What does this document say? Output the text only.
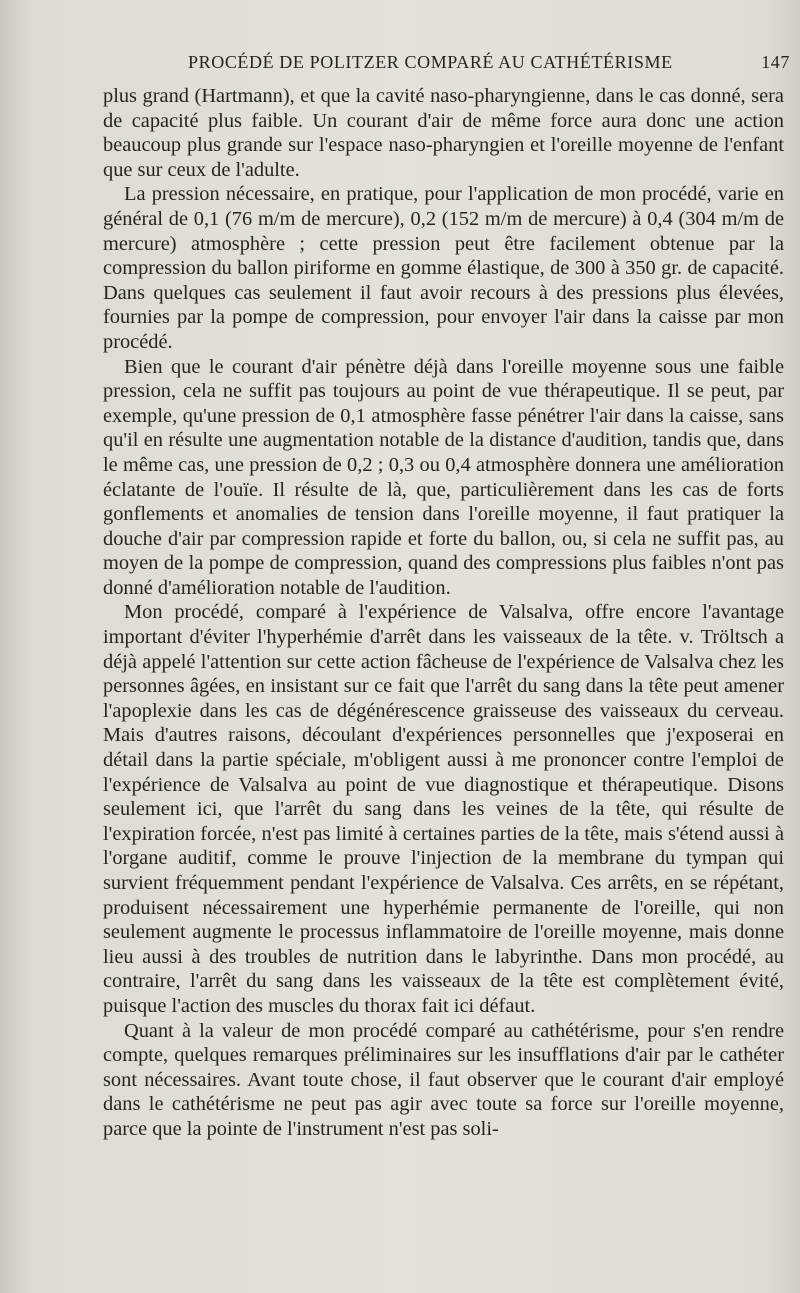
PROCÉDÉ DE POLITZER COMPARÉ AU CATHÉTÉRISME	147

plus grand (Hartmann), et que la cavité naso-pharyngienne, dans le cas donné, sera de capacité plus faible. Un courant d'air de même force aura donc une action beaucoup plus grande sur l'espace naso-pharyngien et l'oreille moyenne de l'enfant que sur ceux de l'adulte.

La pression nécessaire, en pratique, pour l'application de mon procédé, varie en général de 0,1 (76 m/m de mercure), 0,2 (152 m/m de mercure) à 0,4 (304 m/m de mercure) atmosphère ; cette pression peut être facilement obtenue par la compression du ballon piriforme en gomme élastique, de 300 à 350 gr. de capacité. Dans quelques cas seulement il faut avoir recours à des pressions plus élevées, fournies par la pompe de compression, pour envoyer l'air dans la caisse par mon procédé.

Bien que le courant d'air pénètre déjà dans l'oreille moyenne sous une faible pression, cela ne suffit pas toujours au point de vue thérapeutique. Il se peut, par exemple, qu'une pression de 0,1 atmosphère fasse pénétrer l'air dans la caisse, sans qu'il en résulte une augmentation notable de la distance d'audition, tandis que, dans le même cas, une pression de 0,2 ; 0,3 ou 0,4 atmosphère donnera une amélioration éclatante de l'ouïe. Il résulte de là, que, particulièrement dans les cas de forts gonflements et anomalies de tension dans l'oreille moyenne, il faut pratiquer la douche d'air par compression rapide et forte du ballon, ou, si cela ne suffit pas, au moyen de la pompe de compression, quand des compressions plus faibles n'ont pas donné d'amélioration notable de l'audition.

Mon procédé, comparé à l'expérience de Valsalva, offre encore l'avantage important d'éviter l'hyperhémie d'arrêt dans les vaisseaux de la tête. v. Tröltsch a déjà appelé l'attention sur cette action fâcheuse de l'expérience de Valsalva chez les personnes âgées, en insistant sur ce fait que l'arrêt du sang dans la tête peut amener l'apoplexie dans les cas de dégénérescence graisseuse des vaisseaux du cerveau. Mais d'autres raisons, découlant d'expériences personnelles que j'exposerai en détail dans la partie spéciale, m'obligent aussi à me prononcer contre l'emploi de l'expérience de Valsalva au point de vue diagnostique et thérapeutique. Disons seulement ici, que l'arrêt du sang dans les veines de la tête, qui résulte de l'expiration forcée, n'est pas limité à certaines parties de la tête, mais s'étend aussi à l'organe auditif, comme le prouve l'injection de la membrane du tympan qui survient fréquemment pendant l'expérience de Valsalva. Ces arrêts, en se répétant, produisent nécessairement une hyperhémie permanente de l'oreille, qui non seulement augmente le processus inflammatoire de l'oreille moyenne, mais donne lieu aussi à des troubles de nutrition dans le labyrinthe. Dans mon procédé, au contraire, l'arrêt du sang dans les vaisseaux de la tête est complètement évité, puisque l'action des muscles du thorax fait ici défaut.

Quant à la valeur de mon procédé comparé au cathétérisme, pour s'en rendre compte, quelques remarques préliminaires sur les insufflations d'air par le cathéter sont nécessaires. Avant toute chose, il faut observer que le courant d'air employé dans le cathétérisme ne peut pas agir avec toute sa force sur l'oreille moyenne, parce que la pointe de l'instrument n'est pas soli-
